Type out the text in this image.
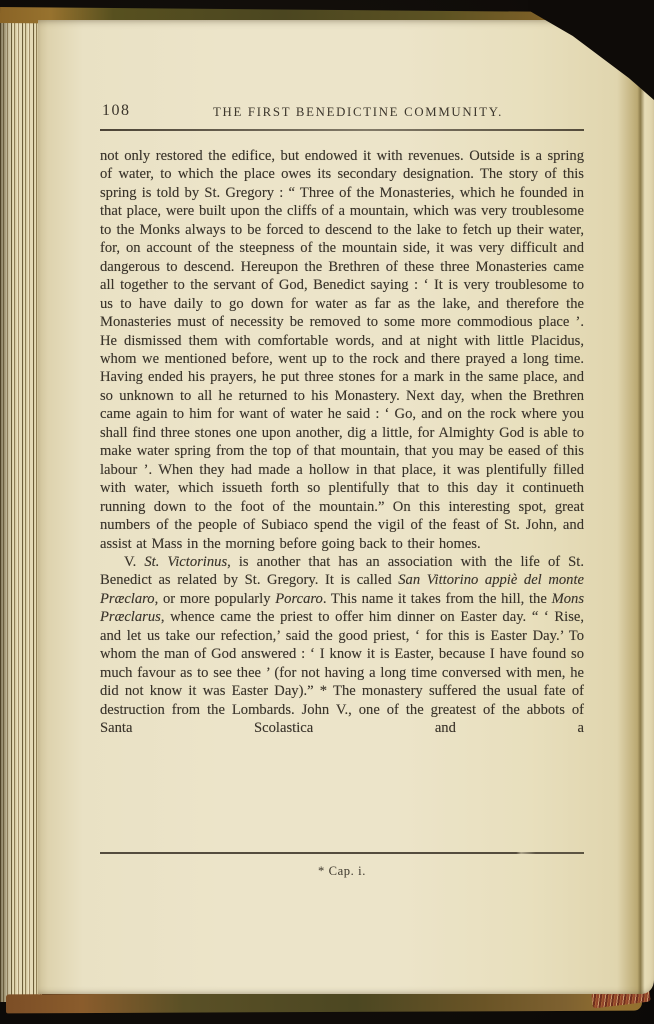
108	THE FIRST BENEDICTINE COMMUNITY.

not only restored the edifice, but endowed it with revenues. Outside is a spring of water, to which the place owes its secondary designation. The story of this spring is told by St. Gregory : “ Three of the Monasteries, which he founded in that place, were built upon the cliffs of a mountain, which was very troublesome to the Monks always to be forced to descend to the lake to fetch up their water, for, on account of the steepness of the mountain side, it was very difficult and dangerous to descend. Hereupon the Brethren of these three Monasteries came all together to the servant of God, Benedict saying : ‘ It is very troublesome to us to have daily to go down for water as far as the lake, and therefore the Monasteries must of necessity be removed to some more commodious place ’. He dismissed them with comfortable words, and at night with little Placidus, whom we mentioned before, went up to the rock and there prayed a long time. Having ended his prayers, he put three stones for a mark in the same place, and so unknown to all he returned to his Monastery. Next day, when the Brethren came again to him for want of water he said : ‘ Go, and on the rock where you shall find three stones one upon another, dig a little, for Almighty God is able to make water spring from the top of that mountain, that you may be eased of this labour ’. When they had made a hollow in that place, it was plentifully filled with water, which issueth forth so plentifully that to this day it continueth running down to the foot of the mountain.” On this interesting spot, great numbers of the people of Subiaco spend the vigil of the feast of St. John, and assist at Mass in the morning before going back to their homes.

V. St. Victorinus, is another that has an association with the life of St. Benedict as related by St. Gregory. It is called San Vittorino appiè del monte Præclaro, or more popularly Porcaro. This name it takes from the hill, the Mons Præclarus, whence came the priest to offer him dinner on Easter day. “ ‘ Rise, and let us take our refection,’ said the good priest, ‘ for this is Easter Day.’ To whom the man of God answered : ‘ I know it is Easter, because I have found so much favour as to see thee ’ (for not having a long time conversed with men, he did not know it was Easter Day).” * The monastery suffered the usual fate of destruction from the Lombards. John V., one of the greatest of the abbots of Santa Scolastica and a

* Cap. i.
